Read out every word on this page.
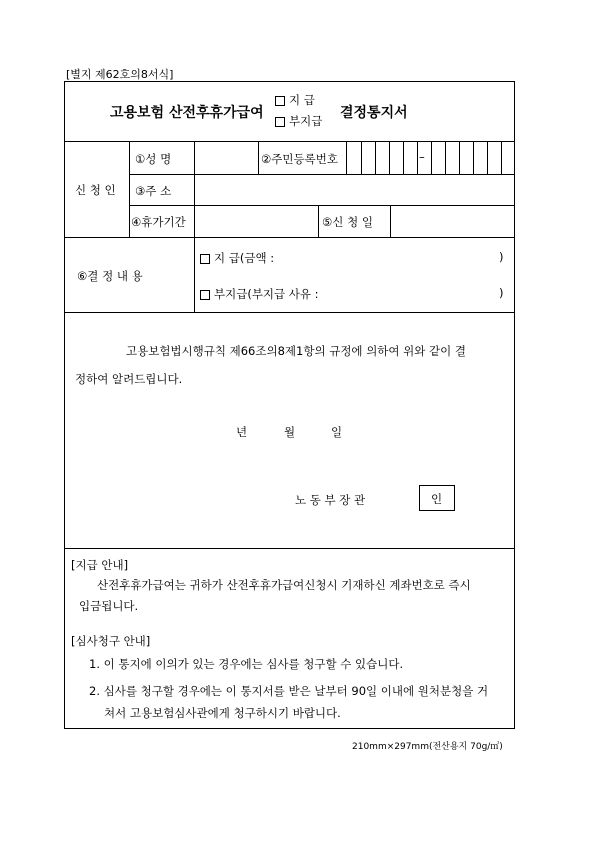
[별지 제62호의8서식]
고용보험 산전후휴가급여
지 급
부지급 결정통지서
신 청 인
①성 명	②주민등록번호	–
③주 소
④휴가기간	⑤신 청 일
⑥결 정 내 용
지 급(금액 :	)
부지급(부지급 사유 :	)
고용보험법시행규칙 제66조의8제1항의 규정에 의하여 위와 같이 결
정하여 알려드립니다.
년	월	일
노 동 부 장 관	인
[지급 안내]
산전후휴가급여는 귀하가 산전후휴가급여신청시 기재하신 계좌번호로 즉시
입금됩니다.
[심사청구 안내]
1. 이 통지에 이의가 있는 경우에는 심사를 청구할 수 있습니다.
2. 심사를 청구할 경우에는 이 통지서를 받은 날부터 90일 이내에 원처분청을 거
쳐서 고용보험심사관에게 청구하시기 바랍니다.
210mm×297mm(전산용지 70g/㎡)
